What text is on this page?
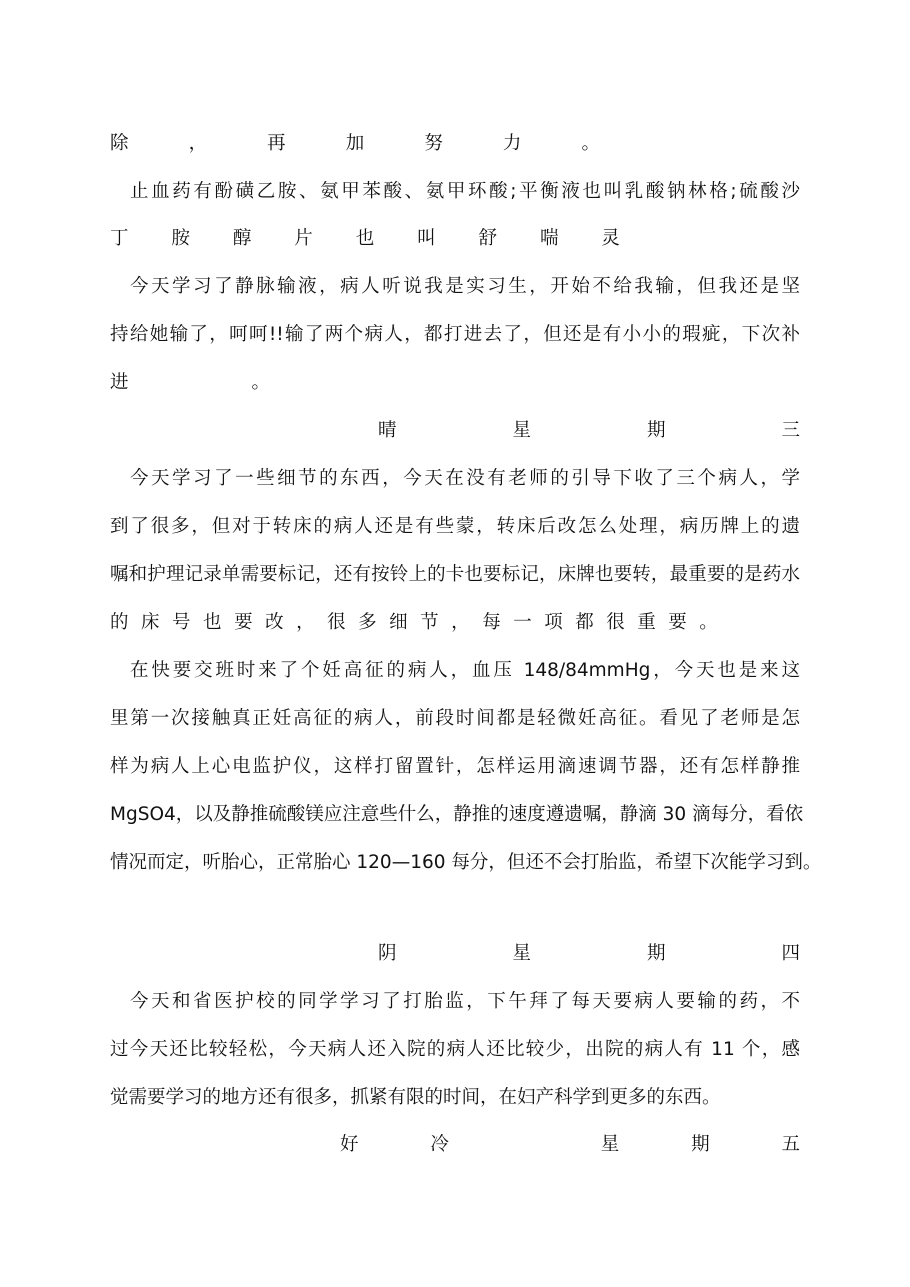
除	，	再	加	努	力	。
止血药有酚磺乙胺、氨甲苯酸、氨甲环酸;平衡液也叫乳酸钠林格;硫酸沙
丁 胺 醇 片 也 叫 舒 喘 灵
今天学习了静脉输液，病人听说我是实习生，开始不给我输，但我还是坚
持给她输了，呵呵!!输了两个病人，都打进去了，但还是有小小的瑕疵，下次补
进	。
晴	星	期	三
今天学习了一些细节的东西，今天在没有老师的引导下收了三个病人，学
到了很多，但对于转床的病人还是有些蒙，转床后改怎么处理，病历牌上的遗
嘱和护理记录单需要标记，还有按铃上的卡也要标记，床牌也要转，最重要的是药水
的 床 号 也 要 改 ， 很 多 细 节 ， 每 一 项 都 很 重 要 。
在快要交班时来了个妊高征的病人，血压 148/84mmHg，今天也是来这
里第一次接触真正妊高征的病人，前段时间都是轻微妊高征。看见了老师是怎
样为病人上心电监护仪，这样打留置针，怎样运用滴速调节器，还有怎样静推
MgSO4，以及静推硫酸镁应注意些什么，静推的速度遵遗嘱，静滴 30 滴每分，看依
情况而定，听胎心，正常胎心 120—160 每分，但还不会打胎监，希望下次能学习到。
阴	星	期	四
今天和省医护校的同学学习了打胎监，下午拜了每天要病人要输的药，不
过今天还比较轻松，今天病人还入院的病人还比较少，出院的病人有 11 个，感
觉需要学习的地方还有很多，抓紧有限的时间，在妇产科学到更多的东西。
好	冷	星	期	五
